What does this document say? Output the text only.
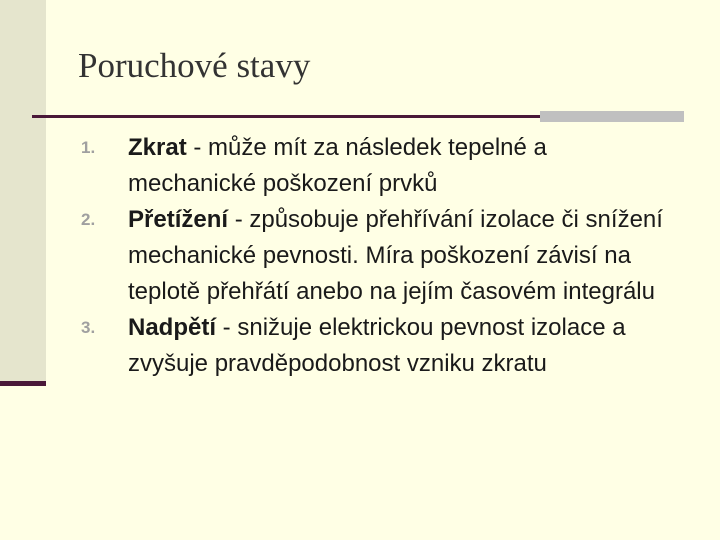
Poruchové stavy
1. Zkrat - může mít za následek tepelné a mechanické poškození prvků
2. Přetížení - způsobuje přehřívání izolace či snížení mechanické pevnosti. Míra poškození závisí na teplotě přehřátí anebo na jejím časovém integrálu
3. Nadpětí - snižuje elektrickou pevnost izolace a zvyšuje pravděpodobnost vzniku zkratu
